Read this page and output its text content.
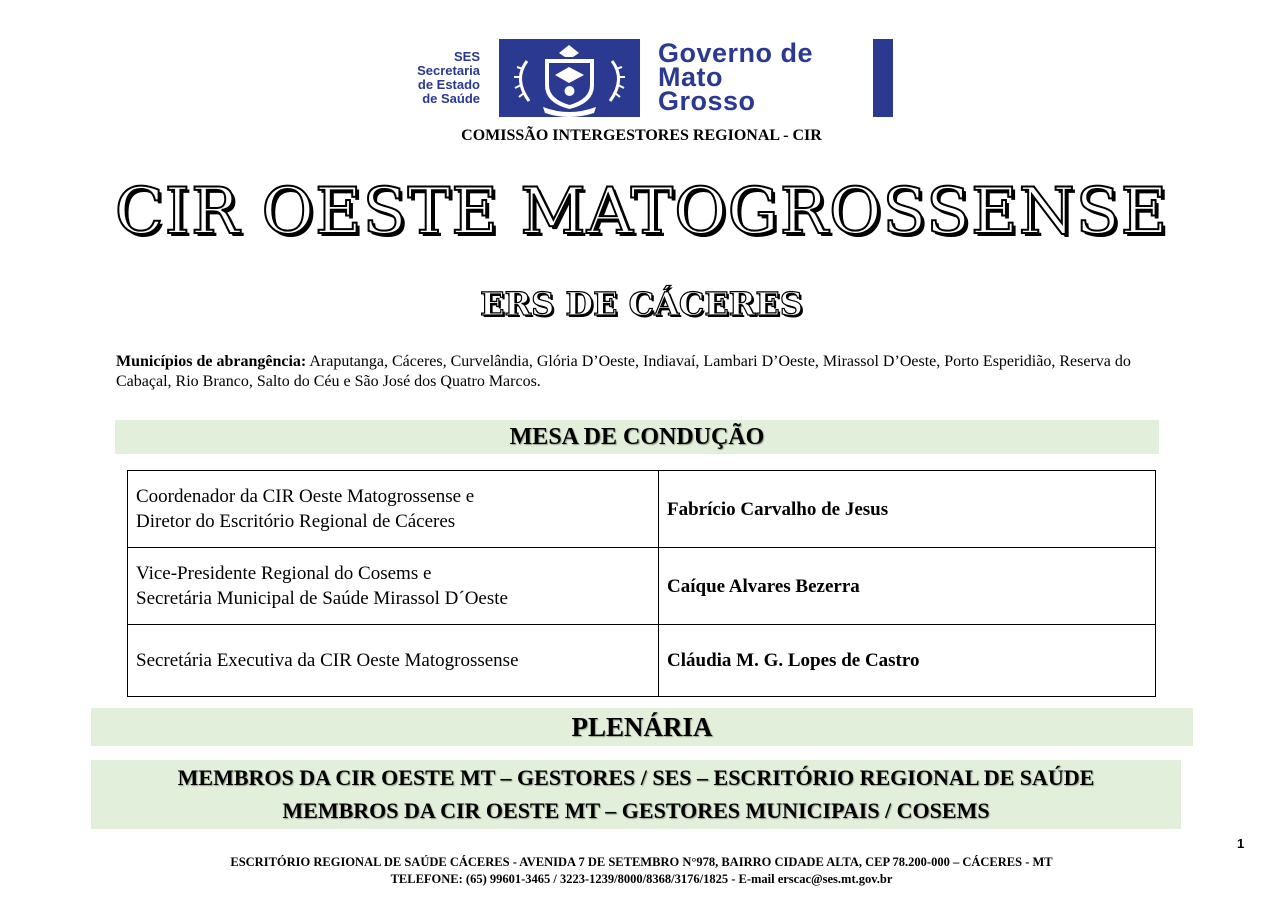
SES
Secretaria
de Estado
de Saúde
Governo de
Mato
Grosso
COMISSÃO INTERGESTORES REGIONAL - CIR
CIR OESTE MATOGROSSENSE
ERS DE CÁCERES
Municípios de abrangência: Araputanga, Cáceres, Curvelândia, Glória D’Oeste, Indiavaí, Lambari D’Oeste, Mirassol D’Oeste, Porto Esperidião, Reserva do Cabaçal, Rio Branco, Salto do Céu e São José dos Quatro Marcos.
MESA DE CONDUÇÃO
Coordenador da CIR Oeste Matogrossense e
Diretor do Escritório Regional de Cáceres	Fabrício Carvalho de Jesus

Vice-Presidente Regional do Cosems e
Secretária Municipal de Saúde Mirassol D´Oeste	Caíque Alvares Bezerra

Secretária Executiva da CIR Oeste Matogrossense	Cláudia M. G. Lopes de Castro
PLENÁRIA
MEMBROS DA CIR OESTE MT – GESTORES / SES – ESCRITÓRIO REGIONAL DE SAÚDE
MEMBROS DA CIR OESTE MT – GESTORES MUNICIPAIS / COSEMS
1
ESCRITÓRIO REGIONAL DE SAÚDE CÁCERES - AVENIDA 7 DE SETEMBRO N°978, BAIRRO CIDADE ALTA, CEP 78.200-000 – CÁCERES - MT
TELEFONE: (65) 99601-3465 / 3223-1239/8000/8368/3176/1825 - E-mail erscac@ses.mt.gov.br
